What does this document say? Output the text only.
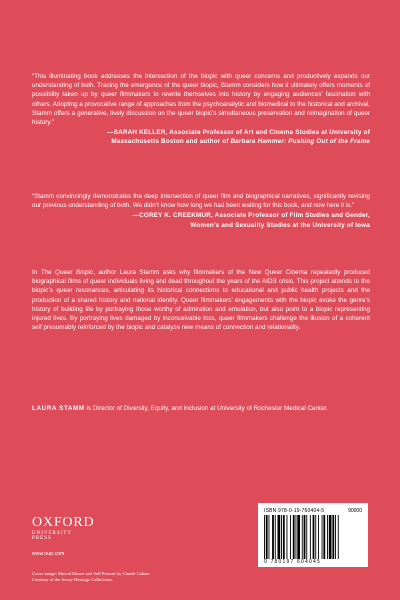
“This illuminating book addresses the intersection of the biopic with queer concerns and productively expands our understanding of both. Tracing the emergence of the queer biopic, Stamm considers how it ultimately offers moments of possibility taken up by queer filmmakers to rewrite themselves into history by engaging audiences’ fascination with others. Adopting a provocative range of approaches from the psychoanalytic and biomedical to the historical and archival, Stamm offers a generative, lively discussion on the queer biopic’s simultaneous preservation and reimagination of queer history.”

—SARAH KELLER, Associate Professor of Art and Cinema Studies at University of
Massachusetts Boston and author of Barbara Hammer: Pushing Out of the Frame

“Stamm convincingly demonstrates the deep intersection of queer film and biographical narratives, significantly revising our previous understanding of both. We didn’t know how long we had been waiting for this book, and now here it is.”

—COREY K. CREEKMUR, Associate Professor of Film Studies and Gender,
Women’s and Sexuality Studies at the University of Iowa

In The Queer Biopic, author Laura Stamm asks why filmmakers of the New Queer Cinema repeatedly produced biographical films of queer individuals living and dead throughout the years of the AIDS crisis. This project attends to the biopic’s queer resonances, articulating its historical connections to educational and public health projects and the production of a shared history and national identity. Queer filmmakers’ engagements with the biopic evoke the genre’s history of building life by portraying those worthy of admiration and emulation, but also point to a biopic representing injured lives. By portraying lives damaged by inconceivable loss, queer filmmakers challenge the illusion of a coherent self presumably reinforced by the biopic and catalyze new means of connection and relationality.

LAURA STAMM is Director of Diversity, Equity, and Inclusion at University of Rochester Medical Center.

OXFORD
UNIVERSITY PRESS
www.oup.com
Cover image: Marcel Moore and Self Portrait by Claude Cahun.
Courtesy of the Jersey Heritage Collections.
ISBN 978-0-19-760404-5	90000
9 780197 604045
